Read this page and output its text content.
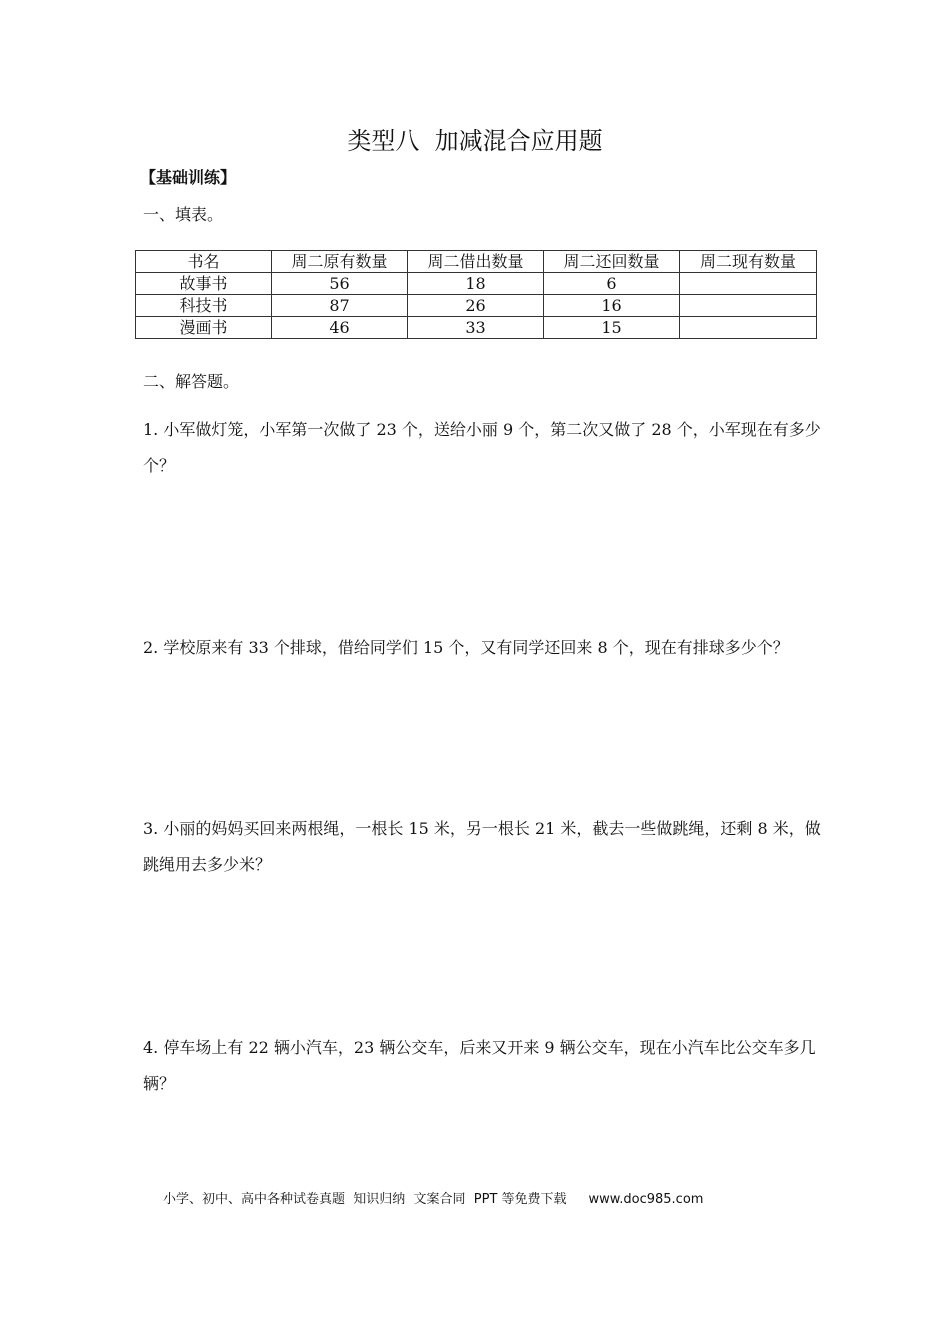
类型八  加减混合应用题
【基础训练】
一、填表。
书名	周二原有数量	周二借出数量	周二还回数量	周二现有数量
故事书	56	18	6	
科技书	87	26	16	
漫画书	46	33	15	
二、解答题。
1. 小军做灯笼，小军第一次做了 23 个，送给小丽 9 个，第二次又做了 28 个，小军现在有多少个？
2. 学校原来有 33 个排球，借给同学们 15 个，又有同学还回来 8 个，现在有排球多少个？
3. 小丽的妈妈买回来两根绳，一根长 15 米，另一根长 21 米，截去一些做跳绳，还剩 8 米，做跳绳用去多少米？
4. 停车场上有 22 辆小汽车，23 辆公交车，后来又开来 9 辆公交车，现在小汽车比公交车多几辆？
小学、初中、高中各种试卷真题  知识归纳  文案合同  PPT 等免费下载 www.doc985.com
